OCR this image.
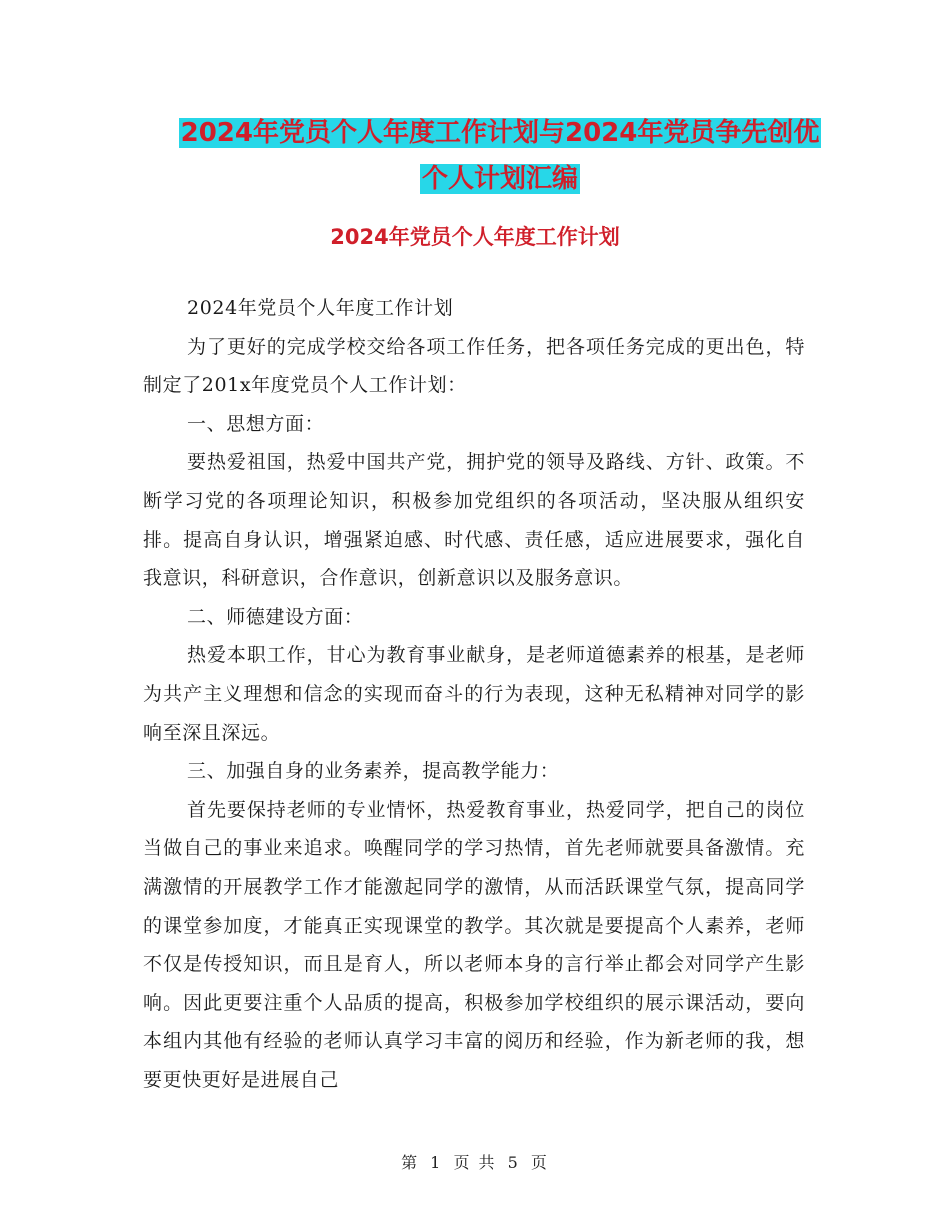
2024年党员个人年度工作计划与2024年党员争先创优
个人计划汇编
2024年党员个人年度工作计划

2024年党员个人年度工作计划

为了更好的完成学校交给各项工作任务，把各项任务完成的更出色，特制定了201x年度党员个人工作计划：

一、思想方面：

要热爱祖国，热爱中国共产党，拥护党的领导及路线、方针、政策。不断学习党的各项理论知识，积极参加党组织的各项活动，坚决服从组织安排。提高自身认识，增强紧迫感、时代感、责任感，适应进展要求，强化自我意识，科研意识，合作意识，创新意识以及服务意识。

二、师德建设方面：

热爱本职工作，甘心为教育事业献身，是老师道德素养的根基，是老师为共产主义理想和信念的实现而奋斗的行为表现，这种无私精神对同学的影响至深且深远。

三、加强自身的业务素养，提高教学能力：

首先要保持老师的专业情怀，热爱教育事业，热爱同学，把自己的岗位当做自己的事业来追求。唤醒同学的学习热情，首先老师就要具备激情。充满激情的开展教学工作才能激起同学的激情，从而活跃课堂气氛，提高同学的课堂参加度，才能真正实现课堂的教学。其次就是要提高个人素养，老师不仅是传授知识，而且是育人，所以老师本身的言行举止都会对同学产生影响。因此更要注重个人品质的提高，积极参加学校组织的展示课活动，要向本组内其他有经验的老师认真学习丰富的阅历和经验，作为新老师的我，想要更快更好是进展自己

第 1 页 共 5 页
